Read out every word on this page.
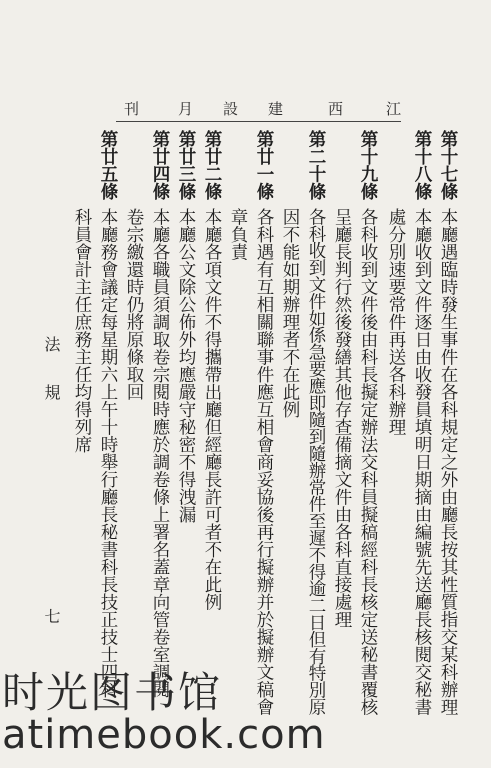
江
西
建
設
月
刊
第十七條
本廳遇臨時發生事件在各科規定之外由廳長按其性質指交某科辦理
第十八條
本廳收到文件逐日由收發員填明日期摘由編號先送廳長核閱交秘書
處分別速要常件再送各科辦理
第十九條
各科收到文件後由科長擬定辦法交科員擬稿經科長核定送秘書覆核
呈廳長判行然後發繕其他存查備摘文件由各科直接處理
第二十條
各科收到文件如係急要應即隨到隨辦常件至遲不得逾二日但有特別原
因不能如期辦理者不在此例
第廿一條
各科遇有互相關聯事件應互相會商妥協後再行擬辦并於擬辦文稿會
章負責
第廿二條
本廳各項文件不得攜帶出廳但經廳長許可者不在此例
第廿三條
本廳公文除公佈外均應嚴守秘密不得洩漏
第廿四條
本廳各職員須調取卷宗閱時應於調卷條上署名蓋章向管卷室調閱
卷宗繳還時仍將原條取回
第廿五條
本廳務會議定每星期六上午十時舉行廳長秘書科長技正技士四科
科員會計主任庶務主任均得列席
法　規
七
时光图书馆
atimebook.com
